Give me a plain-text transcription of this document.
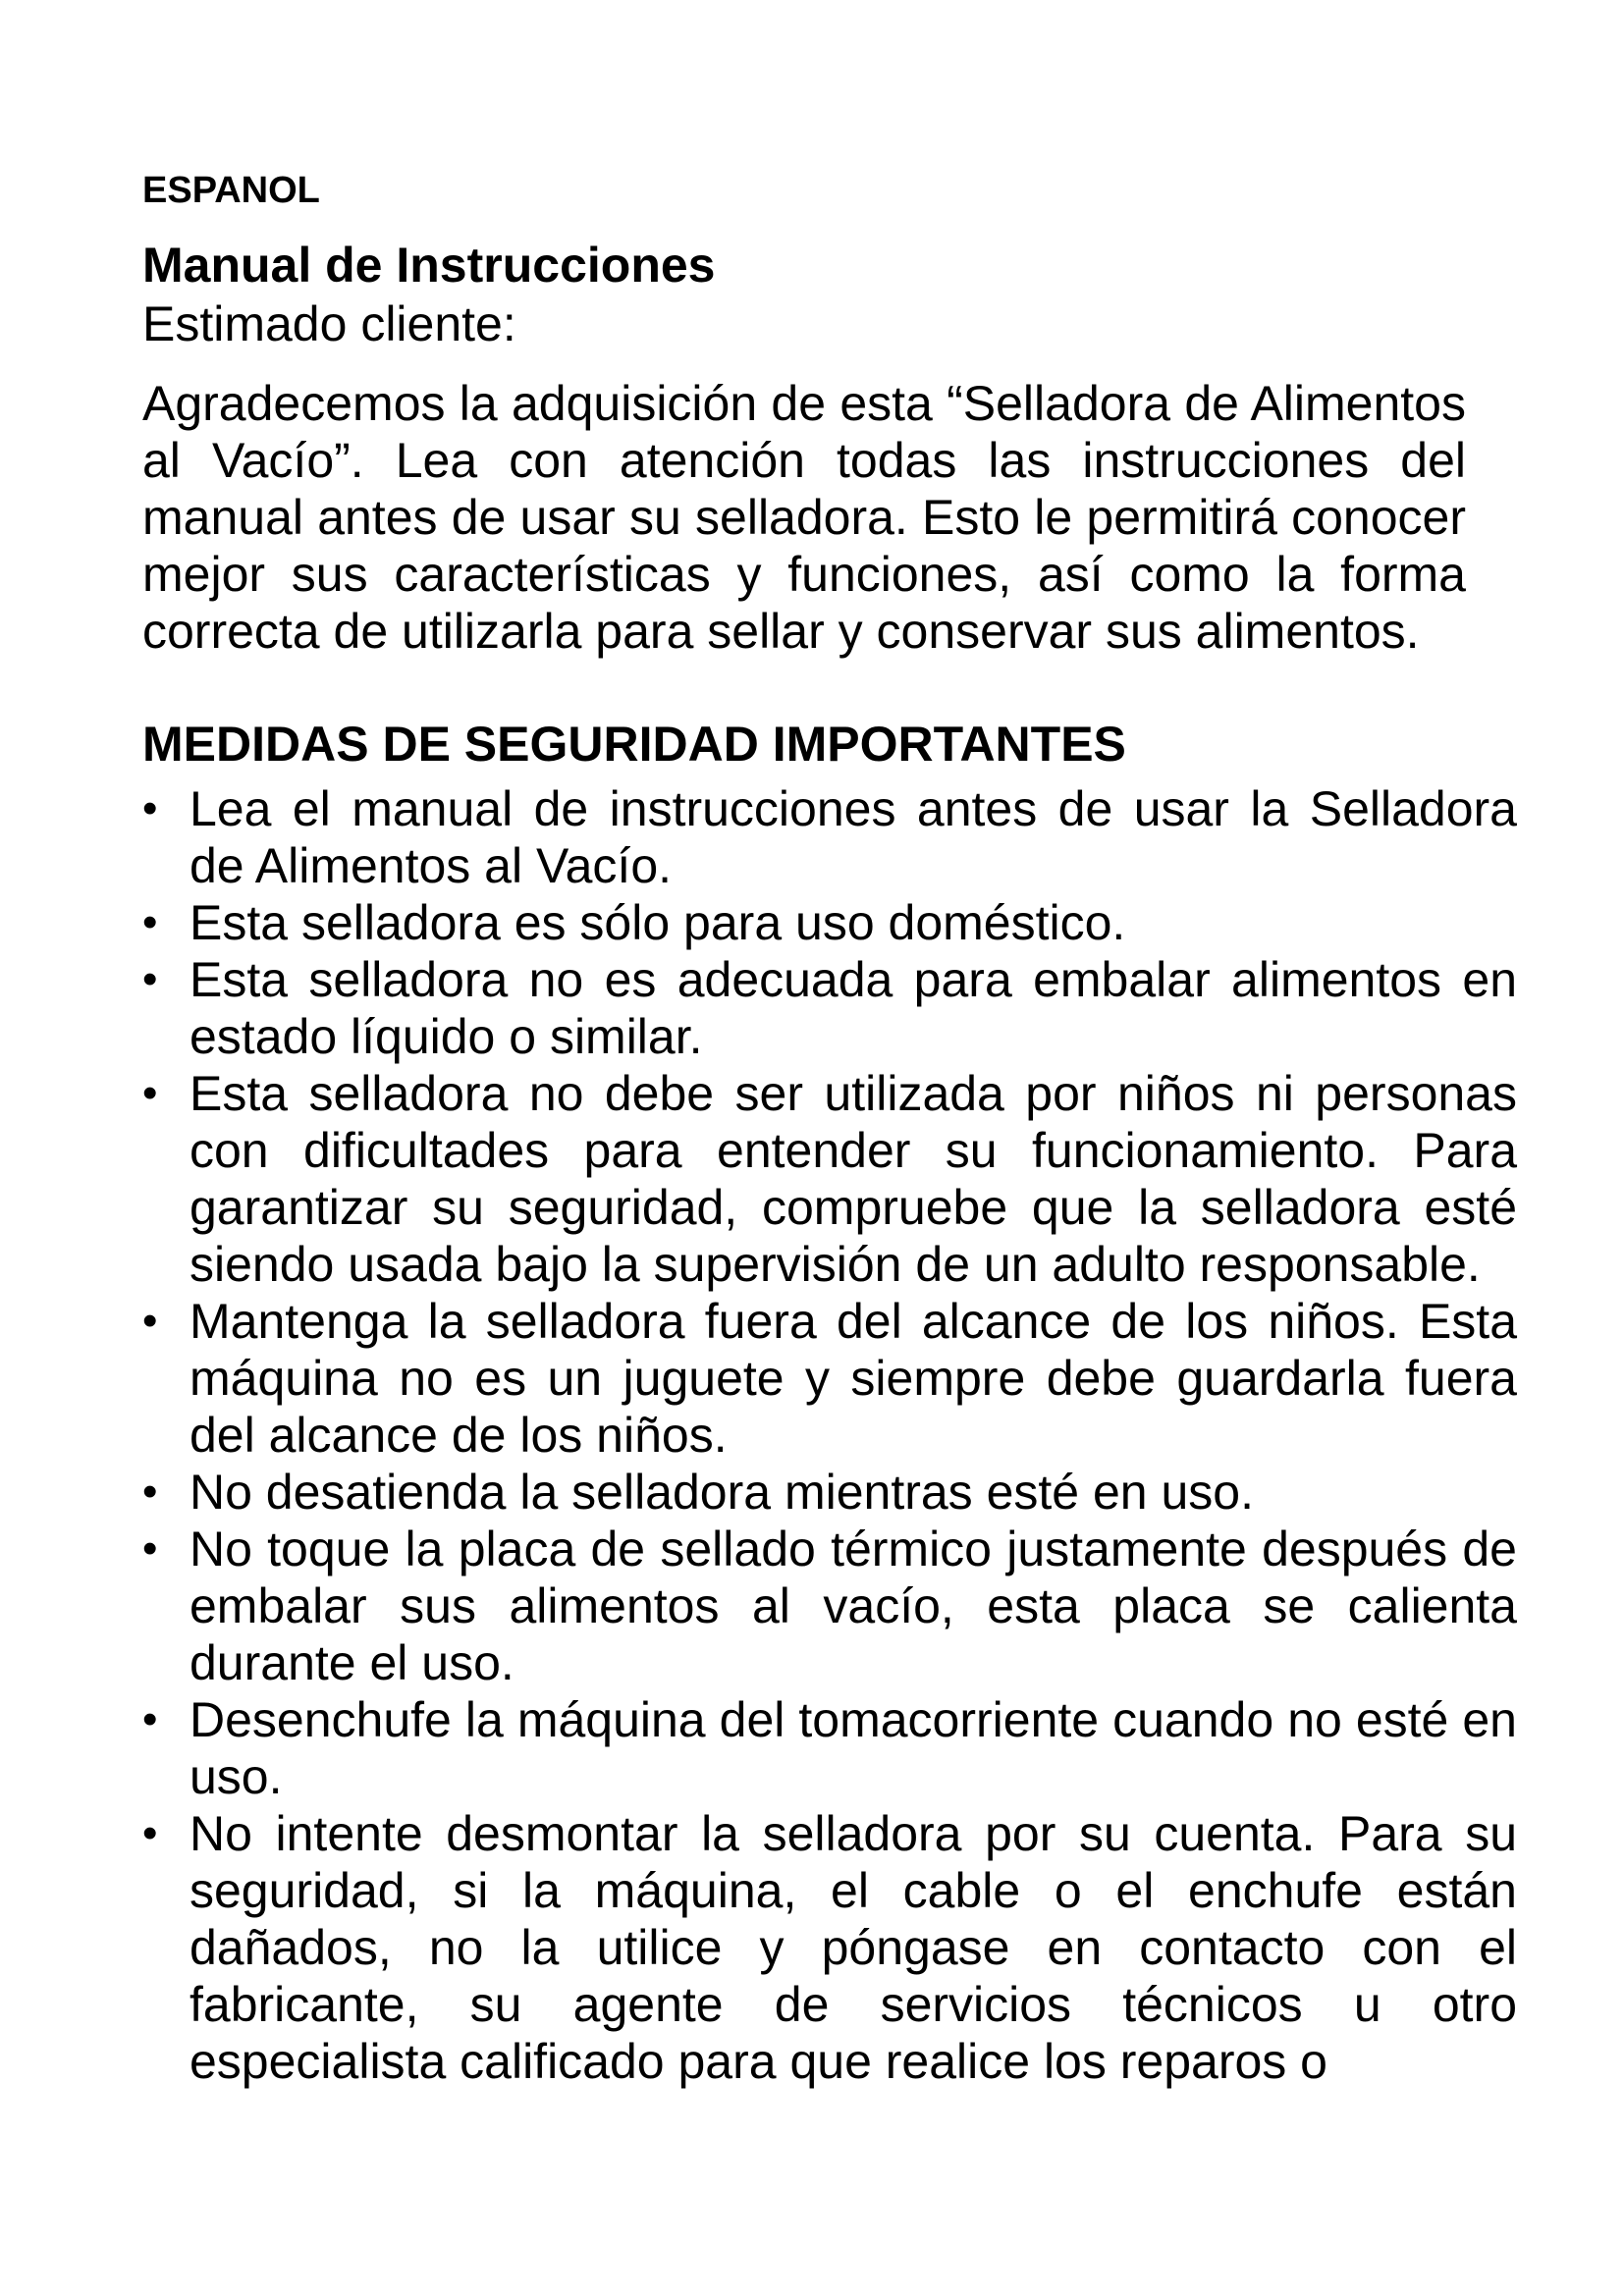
ESPANOL

Manual de Instrucciones

Estimado cliente:

Agradecemos la adquisición de esta “Selladora de Alimentos al Vacío”. Lea con atención todas las instrucciones del manual antes de usar su selladora. Esto le permitirá conocer mejor sus características y funciones, así como la forma correcta de utilizarla para sellar y conservar sus alimentos.

MEDIDAS DE SEGURIDAD IMPORTANTES
• Lea el manual de instrucciones antes de usar la Selladora de Alimentos al Vacío.
• Esta selladora es sólo para uso doméstico.
• Esta selladora no es adecuada para embalar alimentos en estado líquido o similar.
• Esta selladora no debe ser utilizada por niños ni personas con dificultades para entender su funcionamiento. Para garantizar su seguridad, compruebe que la selladora esté siendo usada bajo la supervisión de un adulto responsable.
• Mantenga la selladora fuera del alcance de los niños. Esta máquina no es un juguete y siempre debe guardarla fuera del alcance de los niños.
• No desatienda la selladora mientras esté en uso.
• No toque la placa de sellado térmico justamente después de embalar sus alimentos al vacío, esta placa se calienta durante el uso.
• Desenchufe la máquina del tomacorriente cuando no esté en uso.
• No intente desmontar la selladora por su cuenta. Para su seguridad, si la máquina, el cable o el enchufe están dañados, no la utilice y póngase en contacto con el fabricante, su agente de servicios técnicos u otro especialista calificado para que realice los reparos o
